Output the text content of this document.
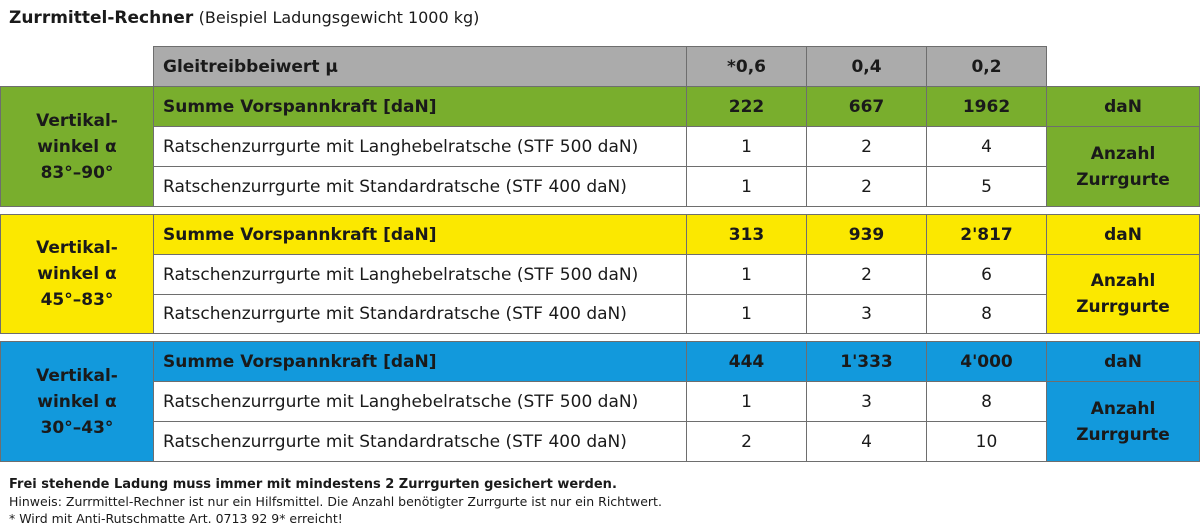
Zurrmittel-Rechner (Beispiel Ladungsgewicht 1000 kg)
Gleitreibbeiwert μ	*0,6	0,4	0,2
Vertikal-
winkel α
83°–90°
Summe Vorspannkraft [daN]	222	667	1962	daN
Ratschenzurrgurte mit Langhebelratsche (STF 500 daN)	1	2	4
Ratschenzurrgurte mit Standardratsche (STF 400 daN)	1	2	5
Anzahl
Zurrgurte
Vertikal-
winkel α
45°–83°
Summe Vorspannkraft [daN]	313	939	2'817	daN
Ratschenzurrgurte mit Langhebelratsche (STF 500 daN)	1	2	6
Ratschenzurrgurte mit Standardratsche (STF 400 daN)	1	3	8
Anzahl
Zurrgurte
Vertikal-
winkel α
30°–43°
Summe Vorspannkraft [daN]	444	1'333	4'000	daN
Ratschenzurrgurte mit Langhebelratsche (STF 500 daN)	1	3	8
Ratschenzurrgurte mit Standardratsche (STF 400 daN)	2	4	10
Anzahl
Zurrgurte
Frei stehende Ladung muss immer mit mindestens 2 Zurrgurten gesichert werden.
Hinweis: Zurrmittel-Rechner ist nur ein Hilfsmittel. Die Anzahl benötigter Zurrgurte ist nur ein Richtwert.
* Wird mit Anti-Rutschmatte Art. 0713 92 9* erreicht!
